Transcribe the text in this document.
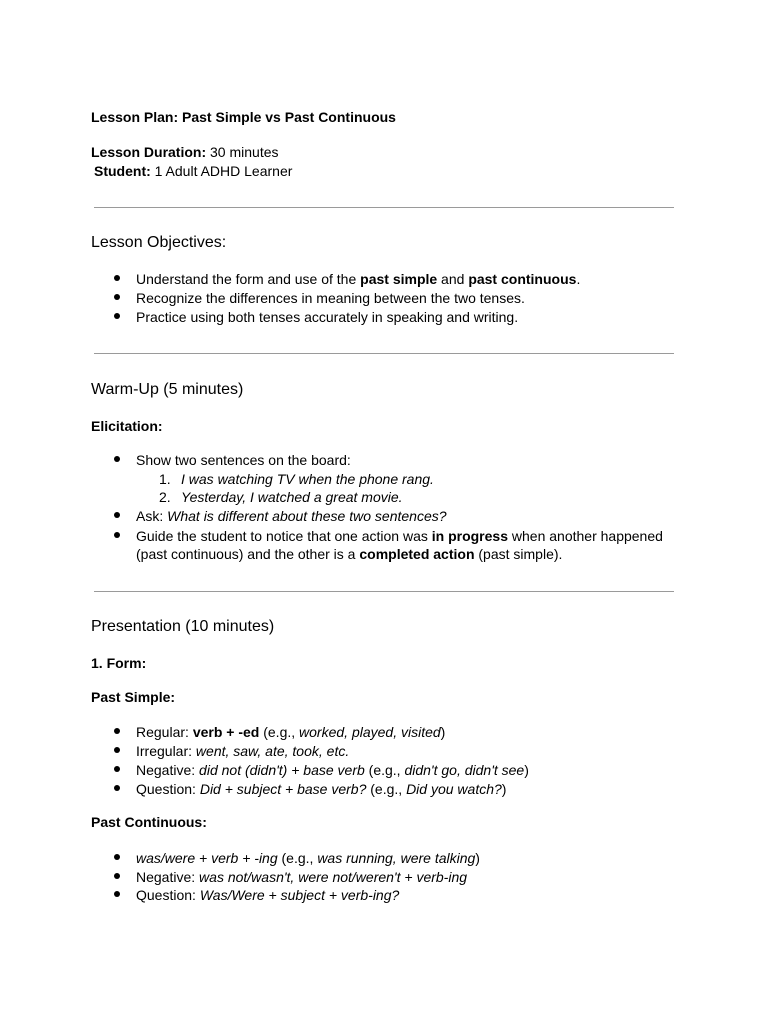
Lesson Plan: Past Simple vs Past Continuous
Lesson Duration: 30 minutes
Student: 1 Adult ADHD Learner
Lesson Objectives:
Understand the form and use of the past simple and past continuous.
Recognize the differences in meaning between the two tenses.
Practice using both tenses accurately in speaking and writing.
Warm-Up (5 minutes)
Elicitation:
Show two sentences on the board:
1. I was watching TV when the phone rang.
2. Yesterday, I watched a great movie.
Ask: What is different about these two sentences?
Guide the student to notice that one action was in progress when another happened
(past continuous) and the other is a completed action (past simple).
Presentation (10 minutes)
1. Form:
Past Simple:
Regular: verb + -ed (e.g., worked, played, visited)
Irregular: went, saw, ate, took, etc.
Negative: did not (didn't) + base verb (e.g., didn't go, didn't see)
Question: Did + subject + base verb? (e.g., Did you watch?)
Past Continuous:
was/were + verb + -ing (e.g., was running, were talking)
Negative: was not/wasn't, were not/weren't + verb-ing
Question: Was/Were + subject + verb-ing?
